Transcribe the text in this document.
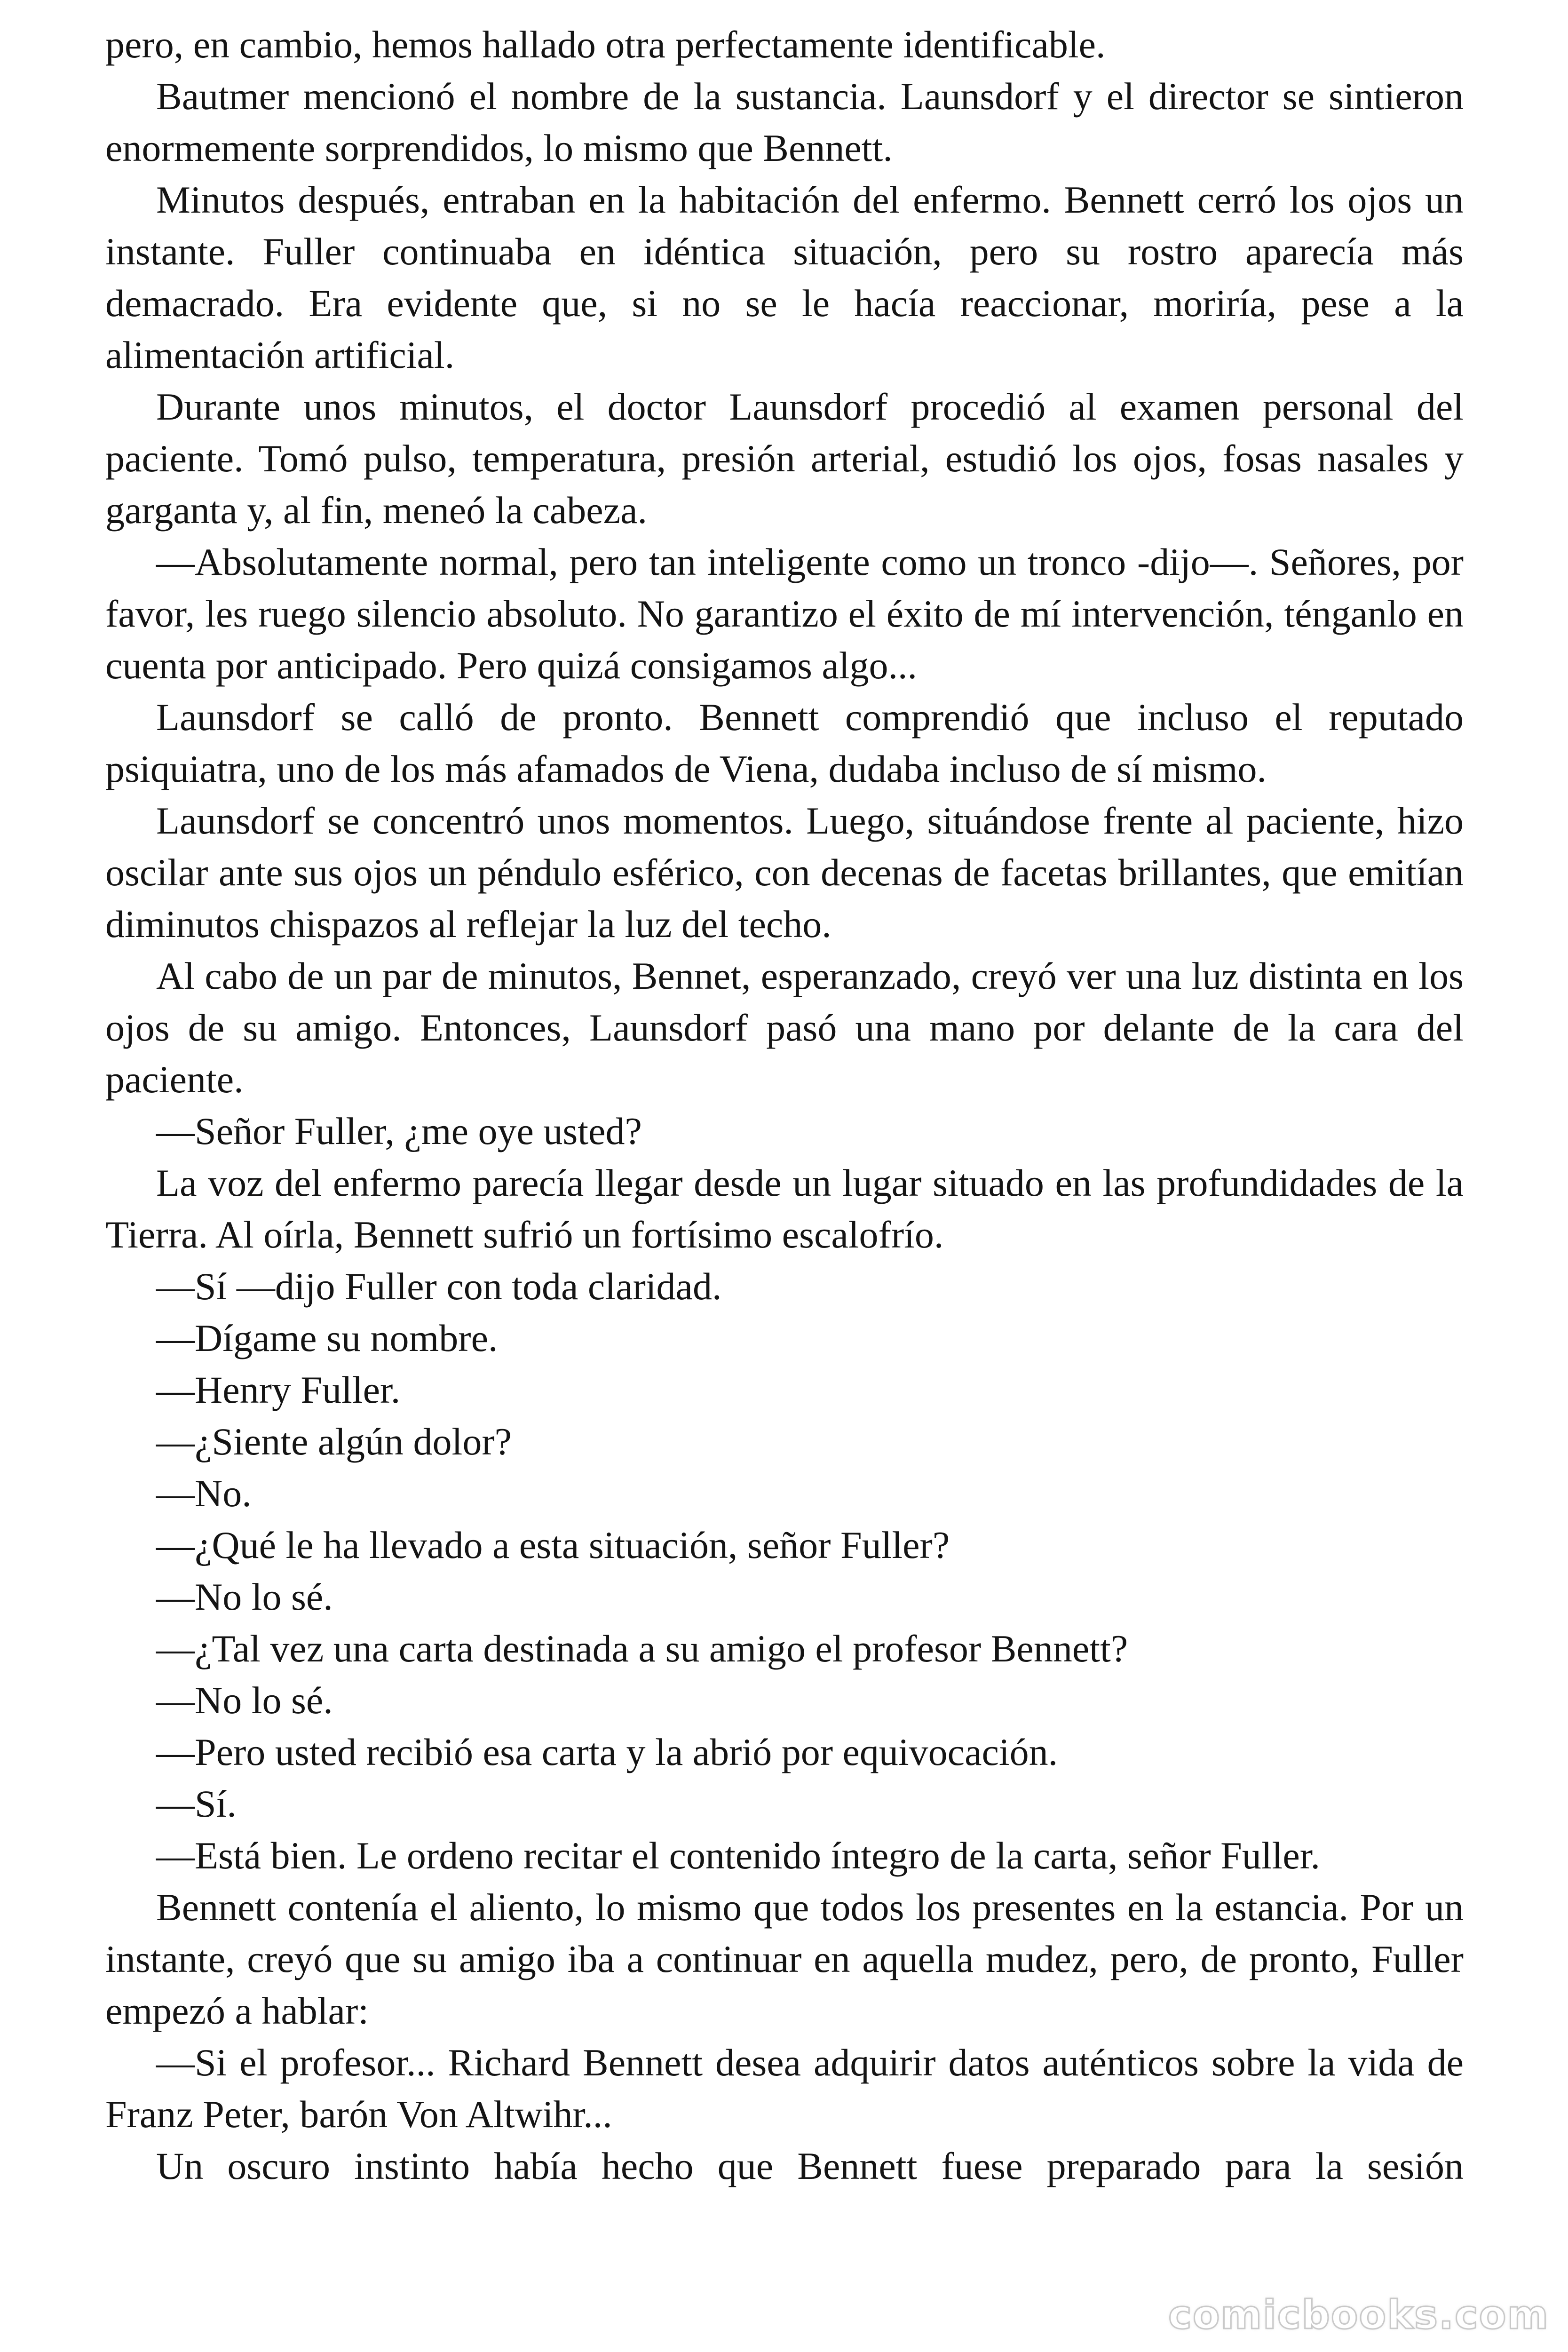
pero, en cambio, hemos hallado otra perfectamente identificable.

Bautmer mencionó el nombre de la sustancia. Launsdorf y el director se sintieron enormemente sorprendidos, lo mismo que Bennett.

Minutos después, entraban en la habitación del enfermo. Bennett cerró los ojos un instante. Fuller continuaba en idéntica situación, pero su rostro aparecía más demacrado. Era evidente que, si no se le hacía reaccionar, moriría, pese a la alimentación artificial.

Durante unos minutos, el doctor Launsdorf procedió al examen personal del paciente. Tomó pulso, temperatura, presión arterial, estudió los ojos, fosas nasales y garganta y, al fin, meneó la cabeza.

—Absolutamente normal, pero tan inteligente como un tronco -dijo—. Señores, por favor, les ruego silencio absoluto. No garantizo el éxito de mí intervención, ténganlo en cuenta por anticipado. Pero quizá consigamos algo...

Launsdorf se calló de pronto. Bennett comprendió que incluso el reputado psiquiatra, uno de los más afamados de Viena, dudaba incluso de sí mismo.

Launsdorf se concentró unos momentos. Luego, situándose frente al paciente, hizo oscilar ante sus ojos un péndulo esférico, con decenas de facetas brillantes, que emitían diminutos chispazos al reflejar la luz del techo.

Al cabo de un par de minutos, Bennet, esperanzado, creyó ver una luz distinta en los ojos de su amigo. Entonces, Launsdorf pasó una mano por delante de la cara del paciente.

—Señor Fuller, ¿me oye usted?

La voz del enfermo parecía llegar desde un lugar situado en las profundidades de la Tierra. Al oírla, Bennett sufrió un fortísimo escalofrío.

—Sí —dijo Fuller con toda claridad.

—Dígame su nombre.

—Henry Fuller.

—¿Siente algún dolor?

—No.

—¿Qué le ha llevado a esta situación, señor Fuller?

—No lo sé.

—¿Tal vez una carta destinada a su amigo el profesor Bennett?

—No lo sé.

—Pero usted recibió esa carta y la abrió por equivocación.

—Sí.

—Está bien. Le ordeno recitar el contenido íntegro de la carta, señor Fuller.

Bennett contenía el aliento, lo mismo que todos los presentes en la estancia. Por un instante, creyó que su amigo iba a continuar en aquella mudez, pero, de pronto, Fuller empezó a hablar:

—Si el profesor... Richard Bennett desea adquirir datos auténticos sobre la vida de Franz Peter, barón Von Altwihr...

Un oscuro instinto había hecho que Bennett fuese preparado para la sesión

comicbooks.com
